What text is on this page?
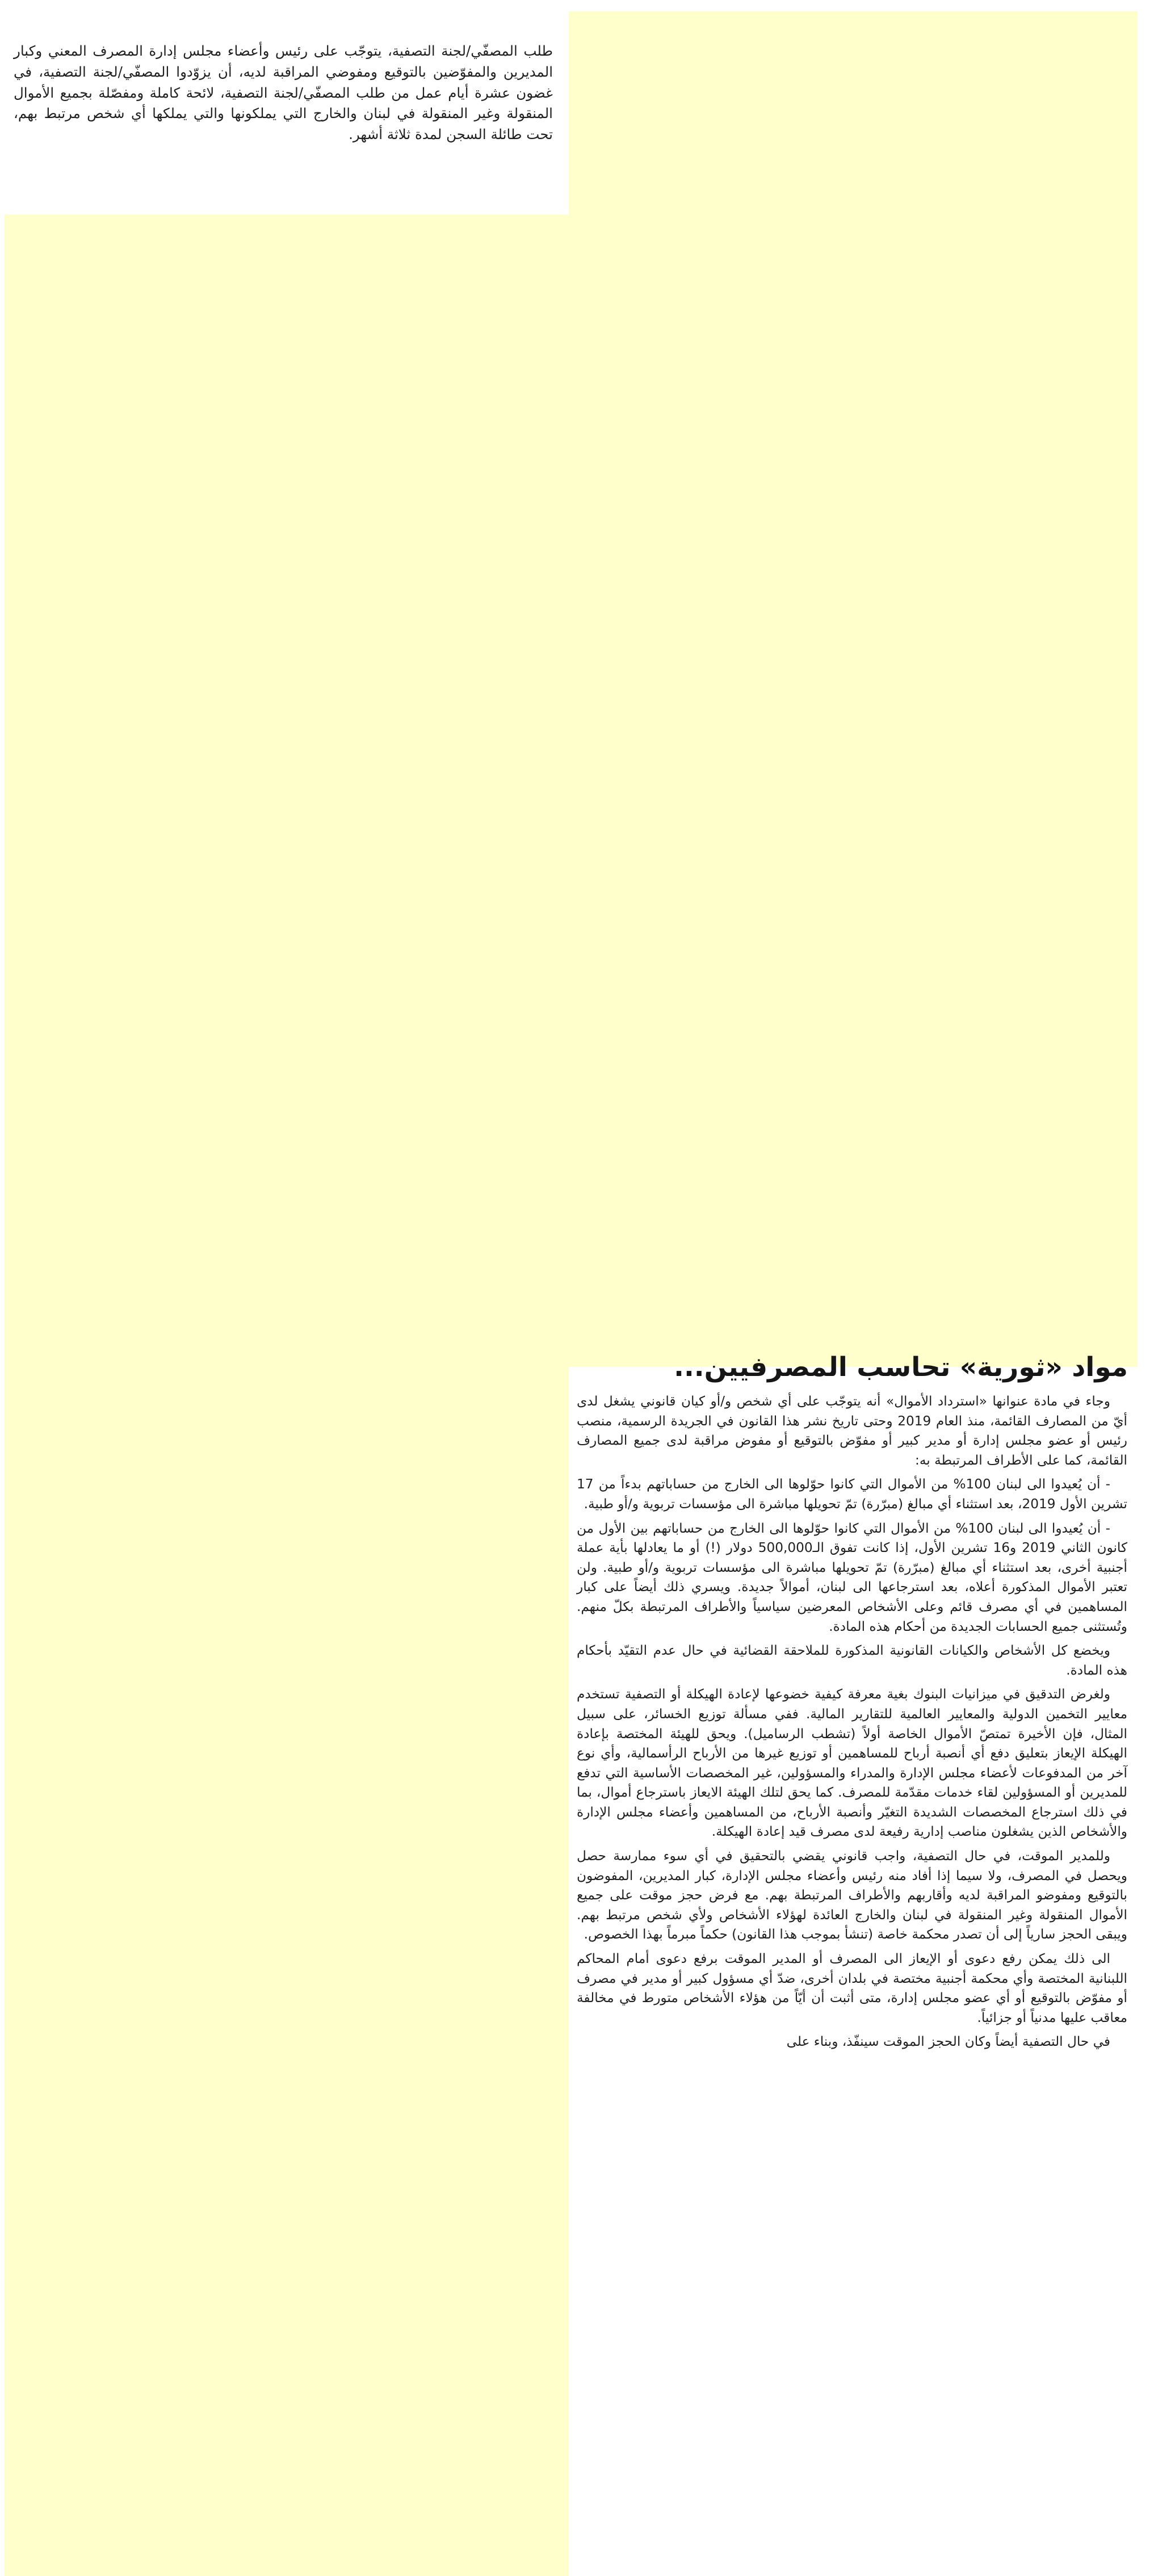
طلب المصفّي/لجنة التصفية، يتوجّب على رئيس وأعضاء مجلس إدارة المصرف المعني وكبار المديرين والمفوّضين بالتوقيع ومفوضي المراقبة لديه، أن يزوّدوا المصفّي/لجنة التصفية، في غضون عشرة أيام عمل من طلب المصفّي/لجنة التصفية، لائحة كاملة ومفصّلة بجميع الأموال المنقولة وغير المنقولة في لبنان والخارج التي يملكونها والتي يملكها أي شخص مرتبط بهم، تحت طائلة السجن لمدة ثلاثة أشهر.

مواد «ثورية» تحاسب المصرفيين...

وجاء في مادة عنوانها «استرداد الأموال» أنه يتوجّب على أي شخص و/أو كيان قانوني يشغل لدى أيّ من المصارف القائمة، منذ العام 2019 وحتى تاريخ نشر هذا القانون في الجريدة الرسمية، منصب رئيس أو عضو مجلس إدارة أو مدير كبير أو مفوّض بالتوقيع أو مفوض مراقبة لدى جميع المصارف القائمة، كما على الأطراف المرتبطة به:

- أن يُعيدوا الى لبنان 100% من الأموال التي كانوا حوّلوها الى الخارج من حساباتهم بدءاً من 17 تشرين الأول 2019، بعد استثناء أي مبالغ (مبرّرة) تمّ تحويلها مباشرة الى مؤسسات تربوية و/أو طبية.

- أن يُعيدوا الى لبنان 100% من الأموال التي كانوا حوّلوها الى الخارج من حساباتهم بين الأول من كانون الثاني 2019 و16 تشرين الأول، إذا كانت تفوق الـ500,000 دولار (!) أو ما يعادلها بأية عملة أجنبية أخرى، بعد استثناء أي مبالغ (مبرّرة) تمّ تحويلها مباشرة الى مؤسسات تربوية و/أو طبية. ولن تعتبر الأموال المذكورة أعلاه، بعد استرجاعها الى لبنان، أموالاً جديدة. ويسري ذلك أيضاً على كبار المساهمين في أي مصرف قائم وعلى الأشخاص المعرضين سياسياً والأطراف المرتبطة بكلّ منهم. وتُستثنى جميع الحسابات الجديدة من أحكام هذه المادة.

ويخضع كل الأشخاص والكيانات القانونية المذكورة للملاحقة القضائية في حال عدم التقيّد بأحكام هذه المادة.

ولغرض التدقيق في ميزانيات البنوك بغية معرفة كيفية خضوعها لإعادة الهيكلة أو التصفية تستخدم معايير التخمين الدولية والمعايير العالمية للتقارير المالية. ففي مسألة توزيع الخسائر، على سبيل المثال، فإن الأخيرة تمتصّ الأموال الخاصة أولاً (تشطب الرساميل). ويحق للهيئة المختصة بإعادة الهيكلة الإيعاز بتعليق دفع أي أنصبة أرباح للمساهمين أو توزيع غيرها من الأرباح الرأسمالية، وأي نوع آخر من المدفوعات لأعضاء مجلس الإدارة والمدراء والمسؤولين، غير المخصصات الأساسية التي تدفع للمديرين أو المسؤولين لقاء خدمات مقدّمة للمصرف. كما يحق لتلك الهيئة الايعاز باسترجاع أموال، بما في ذلك استرجاع المخصصات الشديدة التغيّر وأنصبة الأرباح، من المساهمين وأعضاء مجلس الإدارة والأشخاص الذين يشغلون مناصب إدارية رفيعة لدى مصرف قيد إعادة الهيكلة.

وللمدير الموقت، في حال التصفية، واجب قانوني يقضي بالتحقيق في أي سوء ممارسة حصل ويحصل في المصرف، ولا سيما إذا أفاد منه رئيس وأعضاء مجلس الإدارة، كبار المديرين، المفوضون بالتوقيع ومفوضو المراقبة لديه وأقاربهم والأطراف المرتبطة بهم. مع فرض حجز موقت على جميع الأموال المنقولة وغير المنقولة في لبنان والخارج العائدة لهؤلاء الأشخاص ولأي شخص مرتبط بهم. ويبقى الحجز سارياً إلى أن تصدر محكمة خاصة (تنشأ بموجب هذا القانون) حكماً مبرماً بهذا الخصوص.

الى ذلك يمكن رفع دعوى أو الإيعاز الى المصرف أو المدير الموقت برفع دعوى أمام المحاكم اللبنانية المختصة وأي محكمة أجنبية مختصة في بلدان أخرى، ضدّ أي مسؤول كبير أو مدير في مصرف أو مفوّض بالتوقيع أو أي عضو مجلس إدارة، متى أثبت أن أيّاً من هؤلاء الأشخاص متورط في مخالفة معاقب عليها مدنياً أو جزائياً.

في حال التصفية أيضاً وكان الحجز الموقت سينفّذ، وبناء على
